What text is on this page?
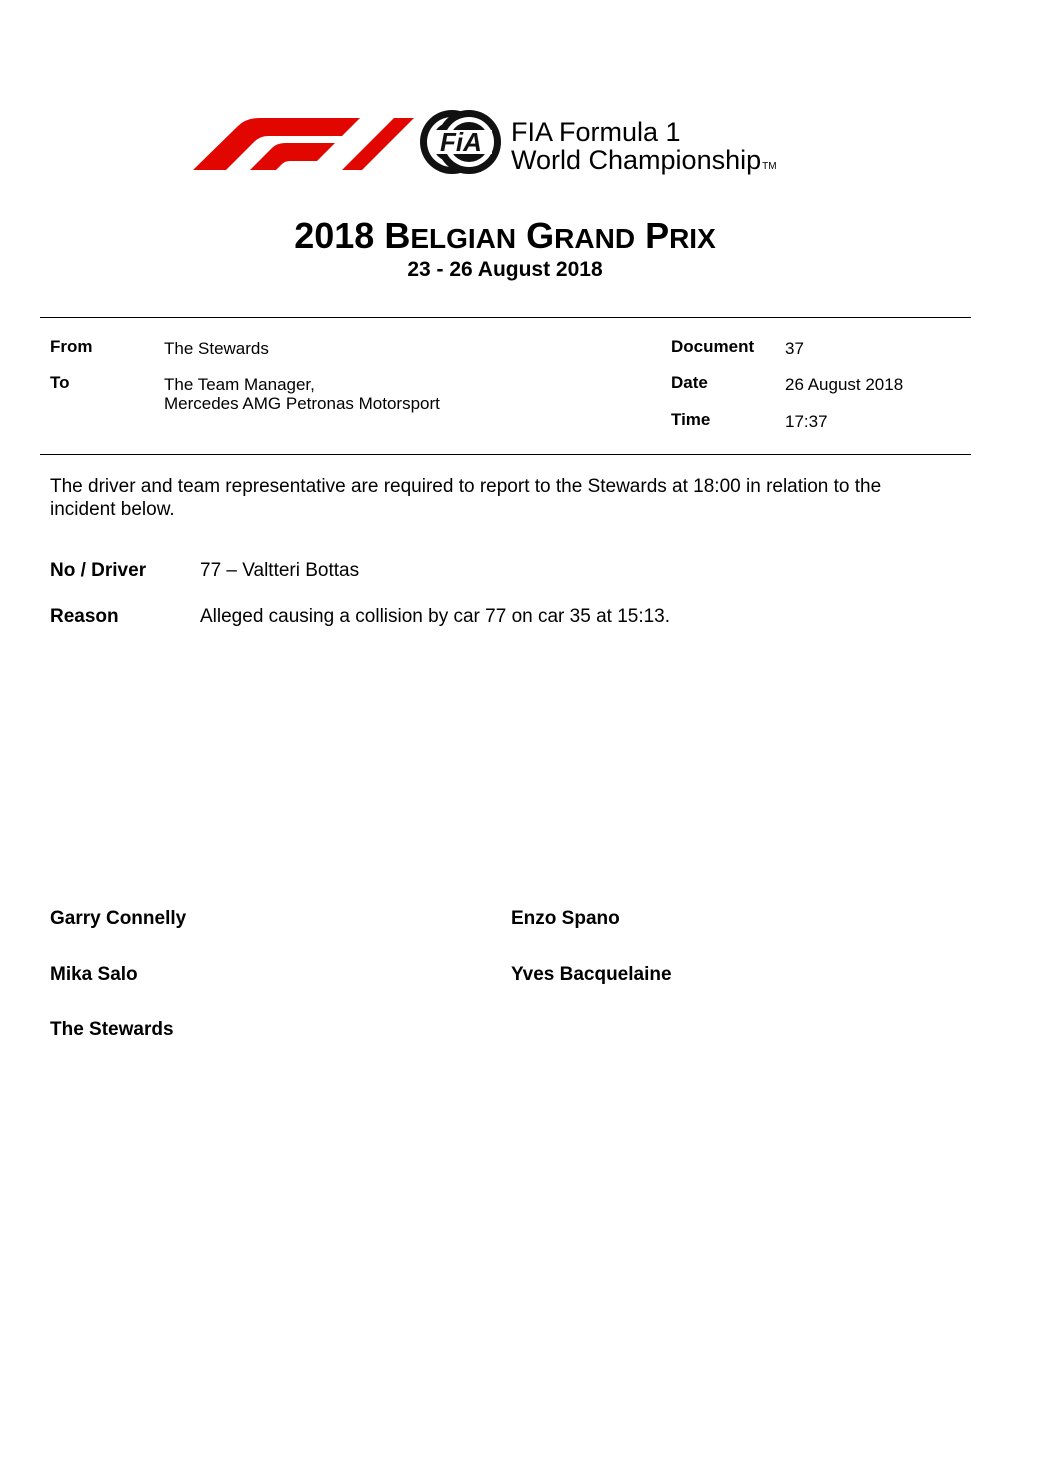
FiA FIA Formula 1
World ChampionshipTM
2018 BELGIAN GRAND PRIX
23 - 26 August 2018
From	The Stewards
To	The Team Manager,
Mercedes AMG Petronas Motorsport
Document 37
Date	26 August 2018
Time	17:37
The driver and team representative are required to report to the Stewards at 18:00 in relation to the
incident below.
No / Driver	77 – Valtteri Bottas
Reason	Alleged causing a collision by car 77 on car 35 at 15:13.
Garry Connelly	Enzo Spano
Mika Salo	Yves Bacquelaine
The Stewards
